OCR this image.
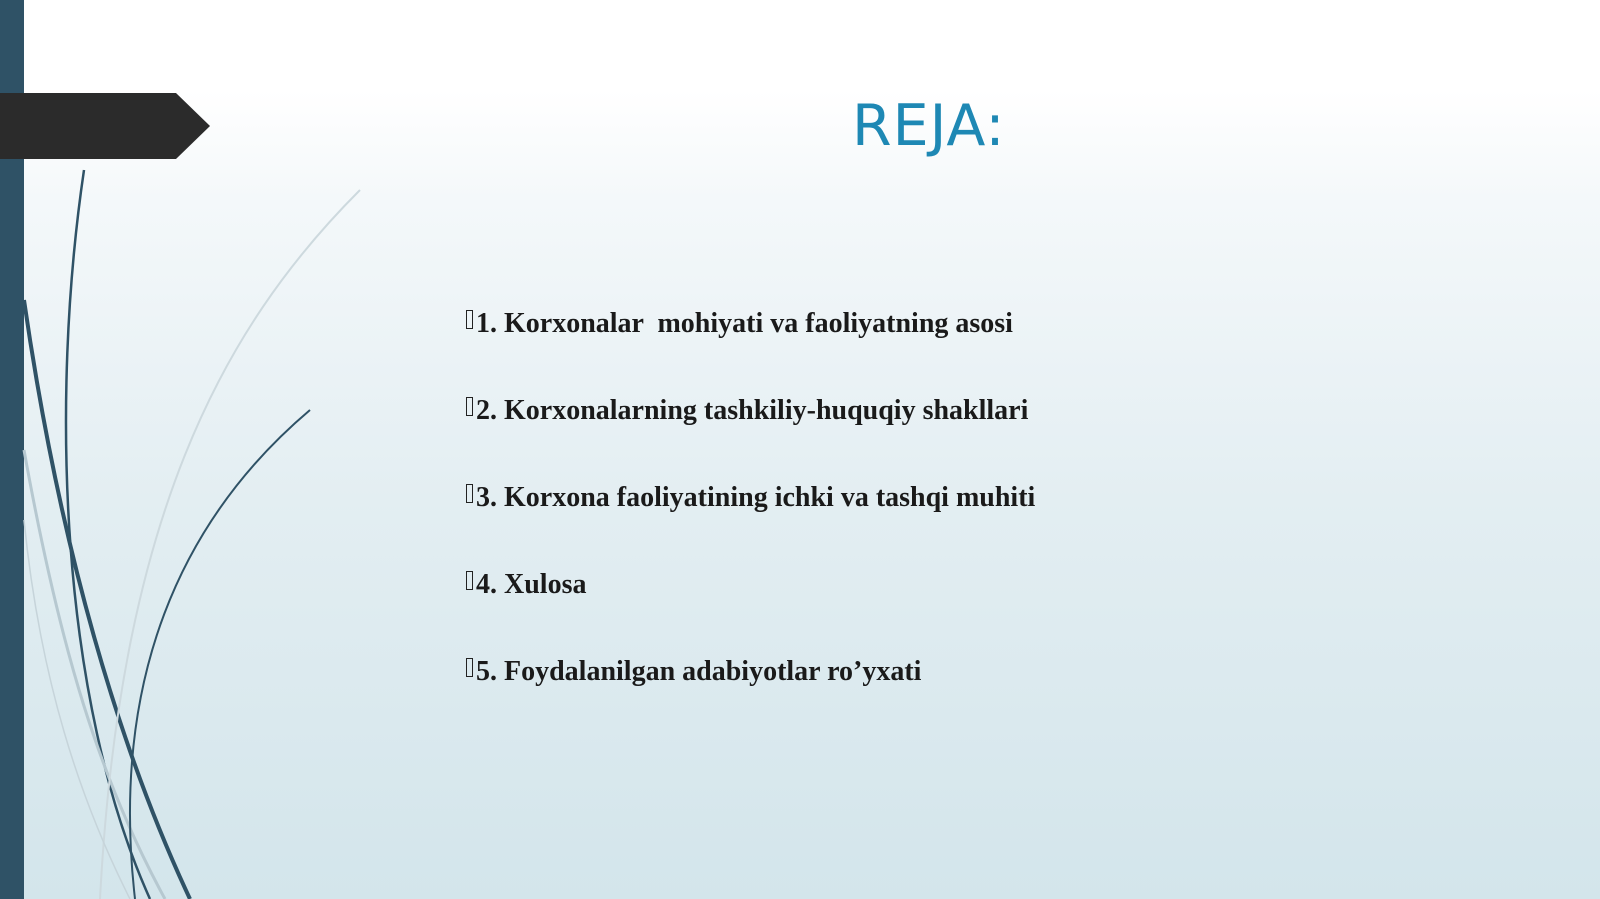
REJA:
1. Korxonalar  mohiyati va faoliyatning asosi
2. Korxonalarning tashkiliy-huquqiy shakllari
3. Korxona faoliyatining ichki va tashqi muhiti
4. Xulosa
5. Foydalanilgan adabiyotlar ro’yxati
